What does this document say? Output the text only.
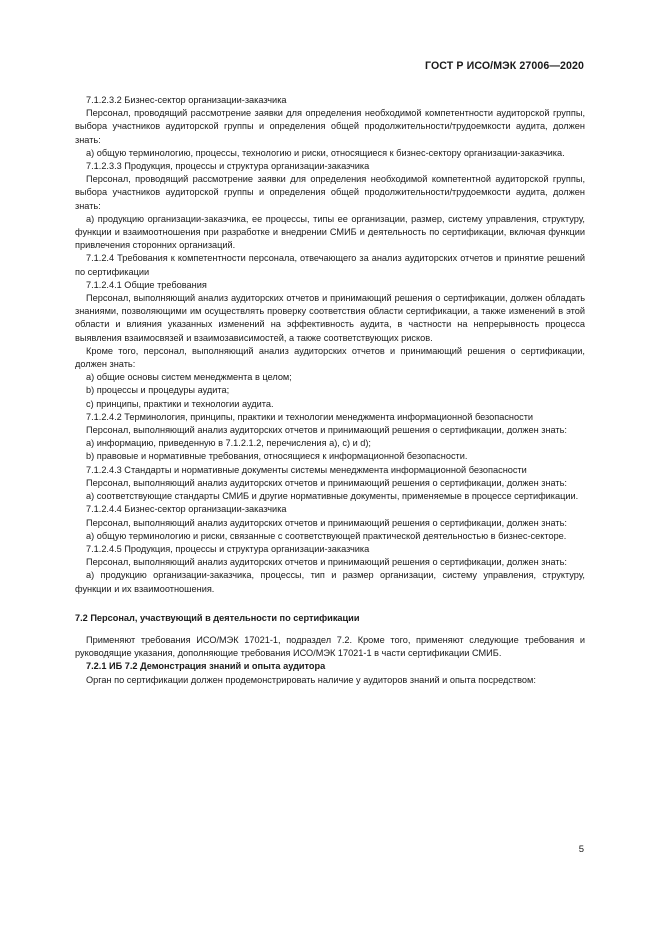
ГОСТ Р ИСО/МЭК 27006—2020

7.1.2.3.2 Бизнес-сектор организации-заказчика

Персонал, проводящий рассмотрение заявки для определения необходимой компетентности аудиторской группы, выбора участников аудиторской группы и определения общей продолжительности/трудоемкости аудита, должен знать:

а) общую терминологию, процессы, технологию и риски, относящиеся к бизнес-сектору организации-заказчика.

7.1.2.3.3 Продукция, процессы и структура организации-заказчика

Персонал, проводящий рассмотрение заявки для определения необходимой компетентной аудиторской группы, выбора участников аудиторской группы и определения общей продолжительности/трудоемкости аудита, должен знать:

а) продукцию организации-заказчика, ее процессы, типы ее организации, размер, систему управления, структуру, функции и взаимоотношения при разработке и внедрении СМИБ и деятельность по сертификации, включая функции привлечения сторонних организаций.

7.1.2.4 Требования к компетентности персонала, отвечающего за анализ аудиторских отчетов и принятие решений по сертификации

7.1.2.4.1 Общие требования

Персонал, выполняющий анализ аудиторских отчетов и принимающий решения о сертификации, должен обладать знаниями, позволяющими им осуществлять проверку соответствия области сертификации, а также изменений в этой области и влияния указанных изменений на эффективность аудита, в частности на непрерывность процесса выявления взаимосвязей и взаимозависимостей, а также соответствующих рисков.

Кроме того, персонал, выполняющий анализ аудиторских отчетов и принимающий решения о сертификации, должен знать:

а) общие основы систем менеджмента в целом;

b) процессы и процедуры аудита;

c) принципы, практики и технологии аудита.

7.1.2.4.2 Терминология, принципы, практики и технологии менеджмента информационной безопасности

Персонал, выполняющий анализ аудиторских отчетов и принимающий решения о сертификации, должен знать:

а) информацию, приведенную в 7.1.2.1.2, перечисления а), с) и d);

b) правовые и нормативные требования, относящиеся к информационной безопасности.

7.1.2.4.3 Стандарты и нормативные документы системы менеджмента информационной безопасности

Персонал, выполняющий анализ аудиторских отчетов и принимающий решения о сертификации, должен знать:

а) соответствующие стандарты СМИБ и другие нормативные документы, применяемые в процессе сертификации.

7.1.2.4.4 Бизнес-сектор организации-заказчика

Персонал, выполняющий анализ аудиторских отчетов и принимающий решения о сертификации, должен знать:

а) общую терминологию и риски, связанные с соответствующей практической деятельностью в бизнес-секторе.

7.1.2.4.5 Продукция, процессы и структура организации-заказчика

Персонал, выполняющий анализ аудиторских отчетов и принимающий решения о сертификации, должен знать:

а) продукцию организации-заказчика, процессы, тип и размер организации, систему управления, структуру, функции и их взаимоотношения.

7.2 Персонал, участвующий в деятельности по сертификации

Применяют требования ИСО/МЭК 17021-1, подраздел 7.2. Кроме того, применяют следующие требования и руководящие указания, дополняющие требования ИСО/МЭК 17021-1 в части сертификации СМИБ.

7.2.1 ИБ 7.2 Демонстрация знаний и опыта аудитора

Орган по сертификации должен продемонстрировать наличие у аудиторов знаний и опыта посредством:

5
